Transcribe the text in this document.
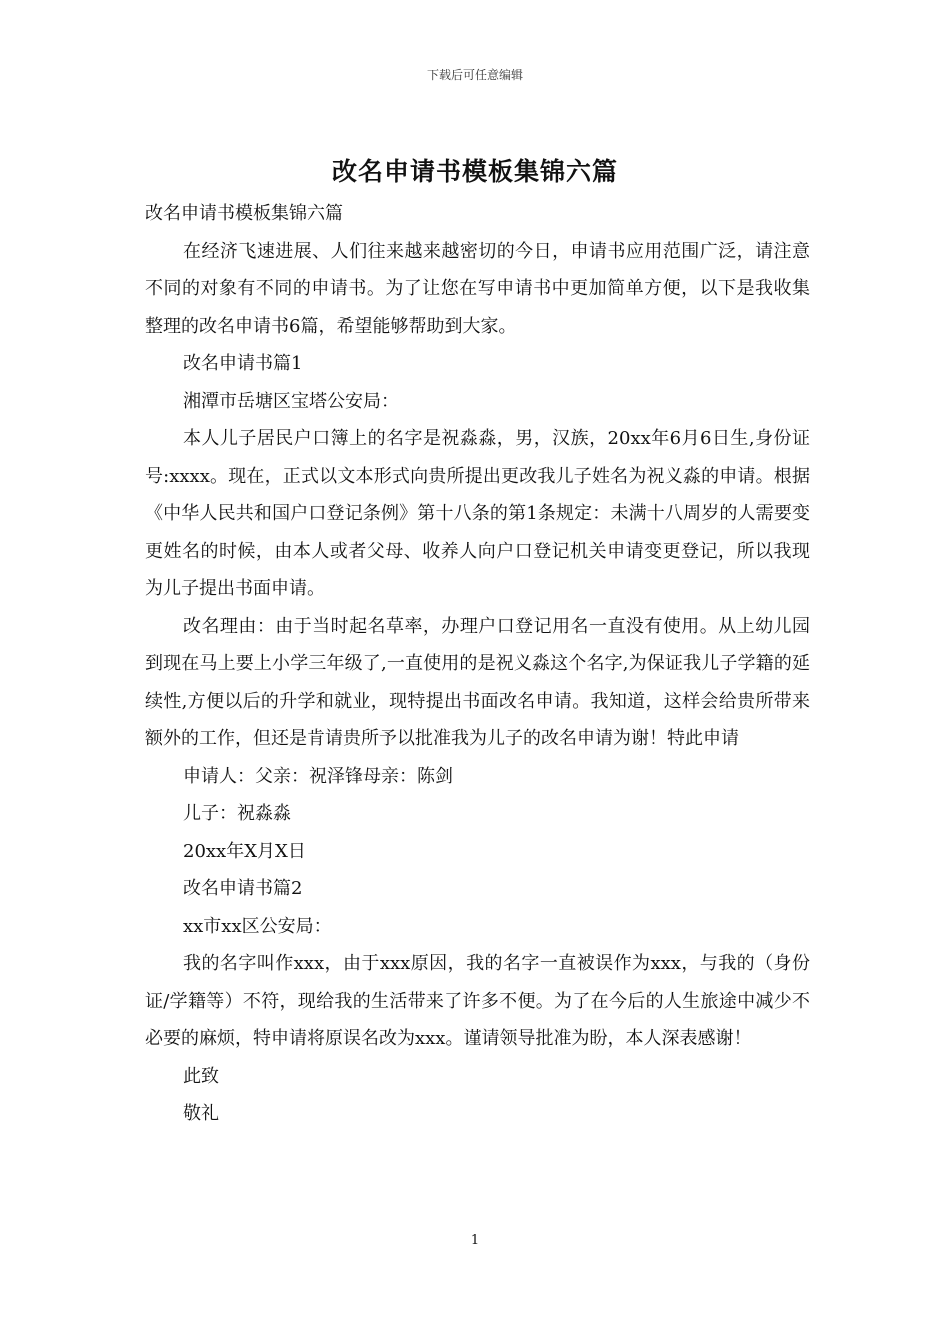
下载后可任意编辑
改名申请书模板集锦六篇

改名申请书模板集锦六篇

在经济飞速进展、人们往来越来越密切的今日，申请书应用范围广泛，请注意不同的对象有不同的申请书。为了让您在写申请书中更加简单方便，以下是我收集整理的改名申请书6篇，希望能够帮助到大家。

改名申请书篇1

湘潭市岳塘区宝塔公安局：

本人儿子居民户口簿上的名字是祝淼淼，男，汉族，20xx年6月6日生,身份证号:xxxx。现在，正式以文本形式向贵所提出更改我儿子姓名为祝义淼的申请。根据《中华人民共和国户口登记条例》第十八条的第1条规定：未满十八周岁的人需要变更姓名的时候，由本人或者父母、收养人向户口登记机关申请变更登记，所以我现为儿子提出书面申请。

改名理由：由于当时起名草率，办理户口登记用名一直没有使用。从上幼儿园到现在马上要上小学三年级了,一直使用的是祝义淼这个名字,为保证我儿子学籍的延续性,方便以后的升学和就业，现特提出书面改名申请。我知道，这样会给贵所带来额外的工作，但还是肯请贵所予以批准我为儿子的改名申请为谢！特此申请

申请人：父亲：祝泽锋母亲：陈剑

儿子：祝淼淼

20xx年X月X日

改名申请书篇2

xx市xx区公安局：

我的名字叫作xxx，由于xxx原因，我的名字一直被误作为xxx，与我的（身份证/学籍等）不符，现给我的生活带来了许多不便。为了在今后的人生旅途中减少不必要的麻烦，特申请将原误名改为xxx。谨请领导批准为盼，本人深表感谢！

此致

敬礼

1
